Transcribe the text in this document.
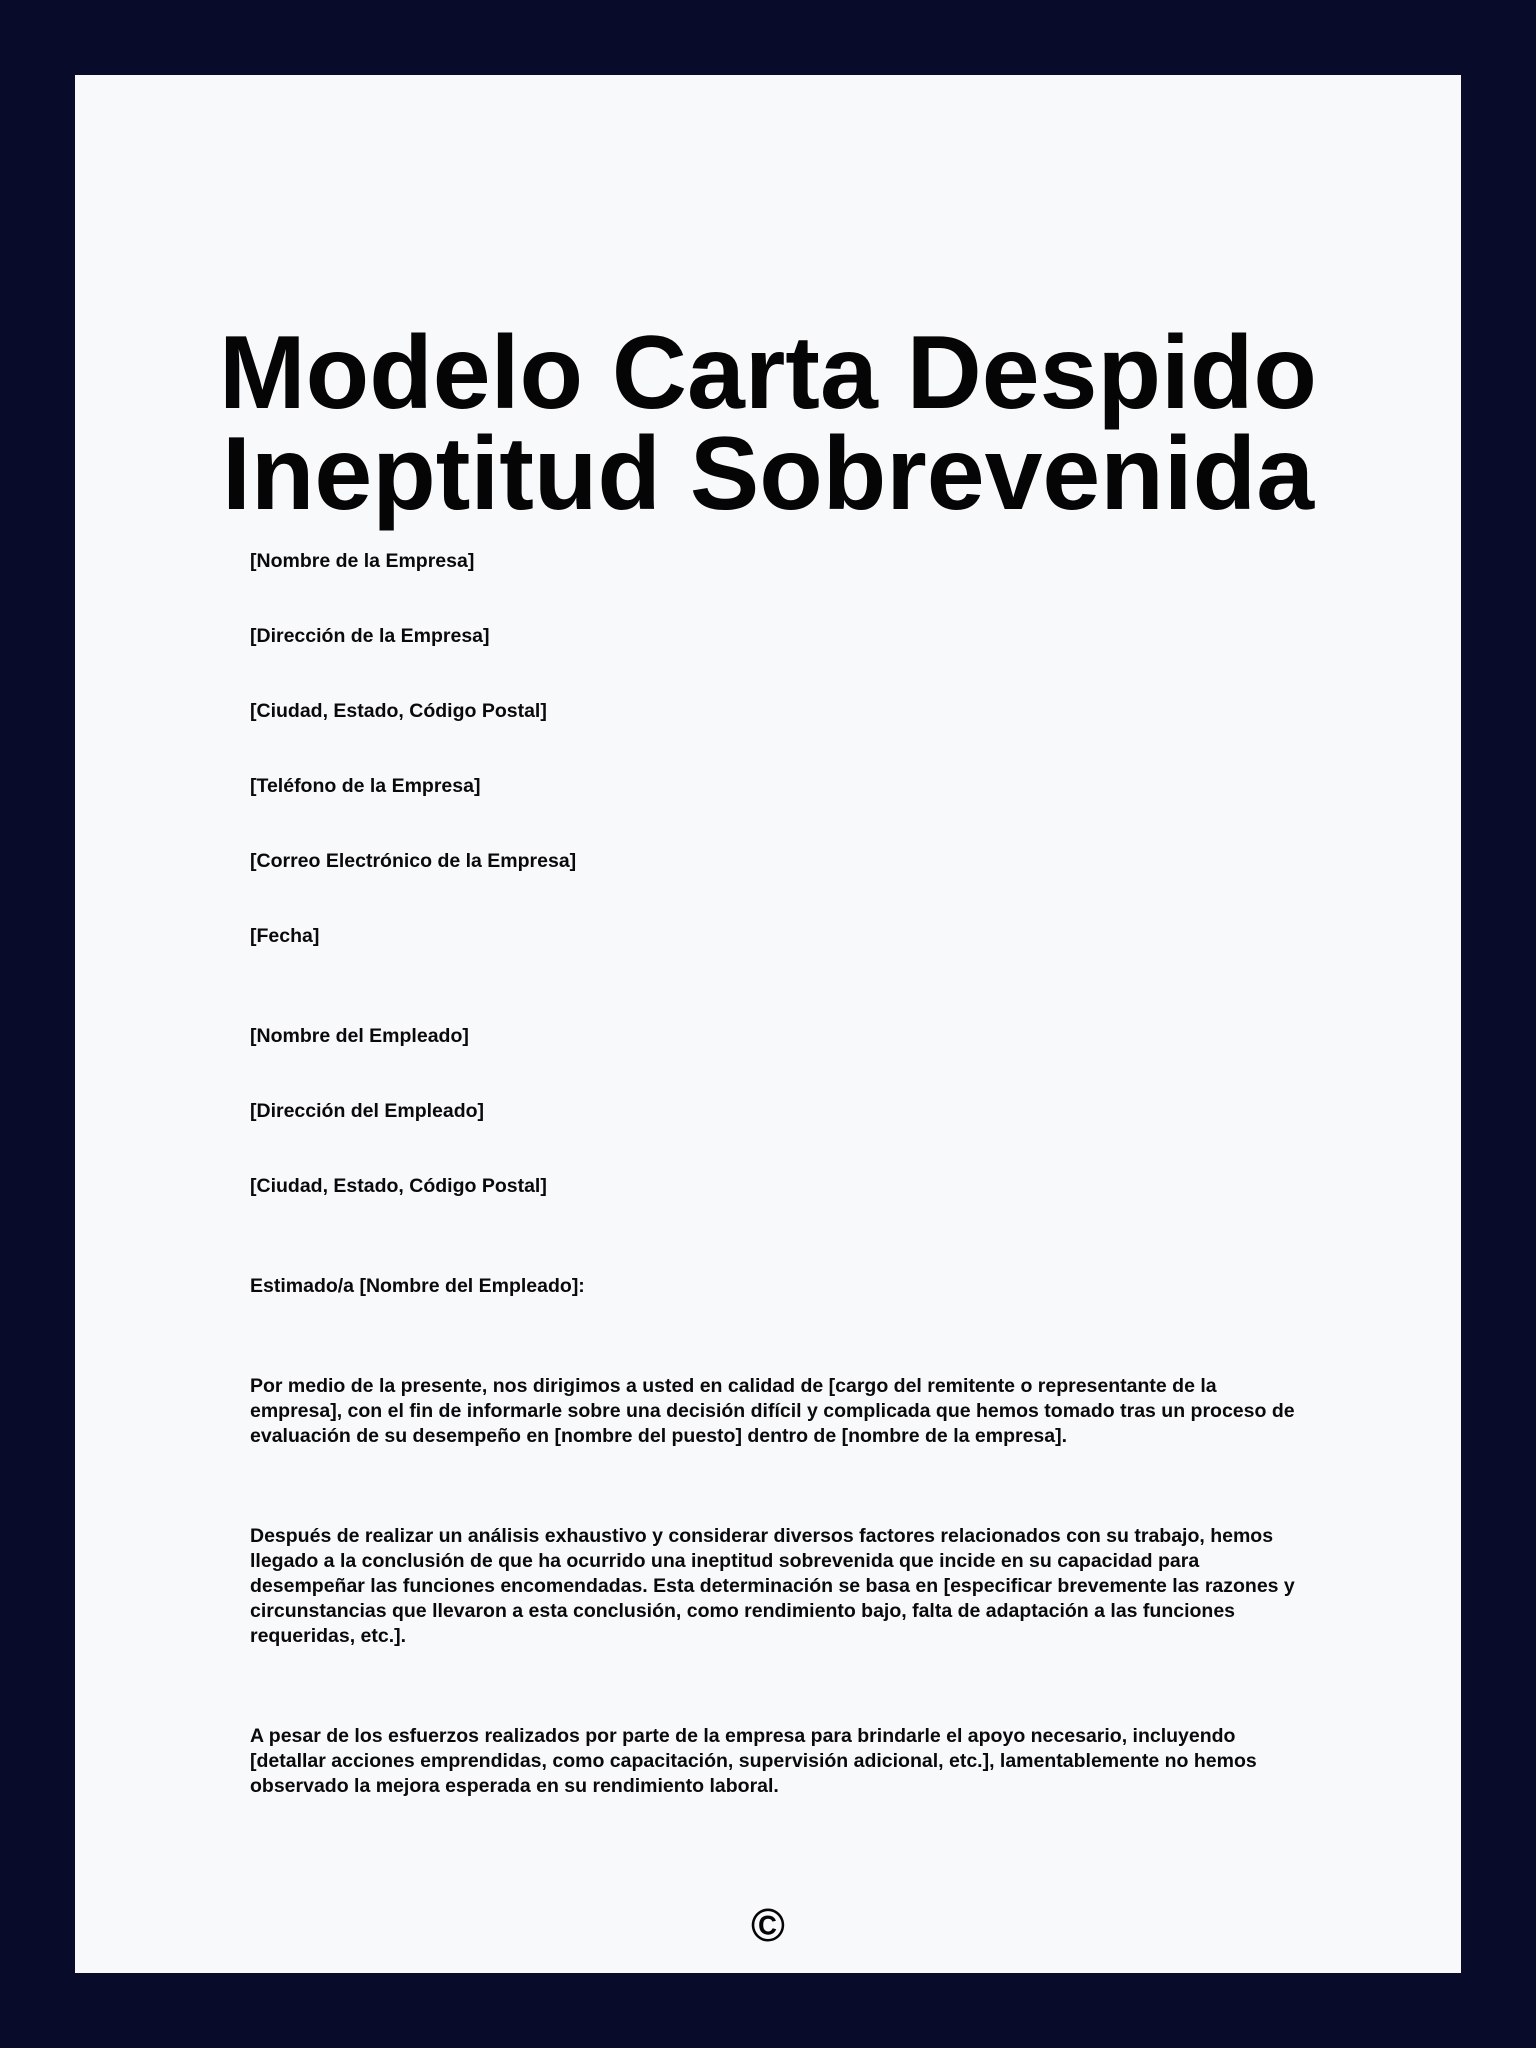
Modelo Carta Despido
Ineptitud Sobrevenida

[Nombre de la Empresa]

[Dirección de la Empresa]

[Ciudad, Estado, Código Postal]

[Teléfono de la Empresa]

[Correo Electrónico de la Empresa]

[Fecha]

[Nombre del Empleado]

[Dirección del Empleado]

[Ciudad, Estado, Código Postal]

Estimado/a [Nombre del Empleado]:

Por medio de la presente, nos dirigimos a usted en calidad de [cargo del remitente o representante de la empresa], con el fin de informarle sobre una decisión difícil y complicada que hemos tomado tras un proceso de evaluación de su desempeño en [nombre del puesto] dentro de [nombre de la empresa].

Después de realizar un análisis exhaustivo y considerar diversos factores relacionados con su trabajo, hemos llegado a la conclusión de que ha ocurrido una ineptitud sobrevenida que incide en su capacidad para desempeñar las funciones encomendadas. Esta determinación se basa en [especificar brevemente las razones y circunstancias que llevaron a esta conclusión, como rendimiento bajo, falta de adaptación a las funciones requeridas, etc.].

A pesar de los esfuerzos realizados por parte de la empresa para brindarle el apoyo necesario, incluyendo [detallar acciones emprendidas, como capacitación, supervisión adicional, etc.], lamentablemente no hemos observado la mejora esperada en su rendimiento laboral.

©
